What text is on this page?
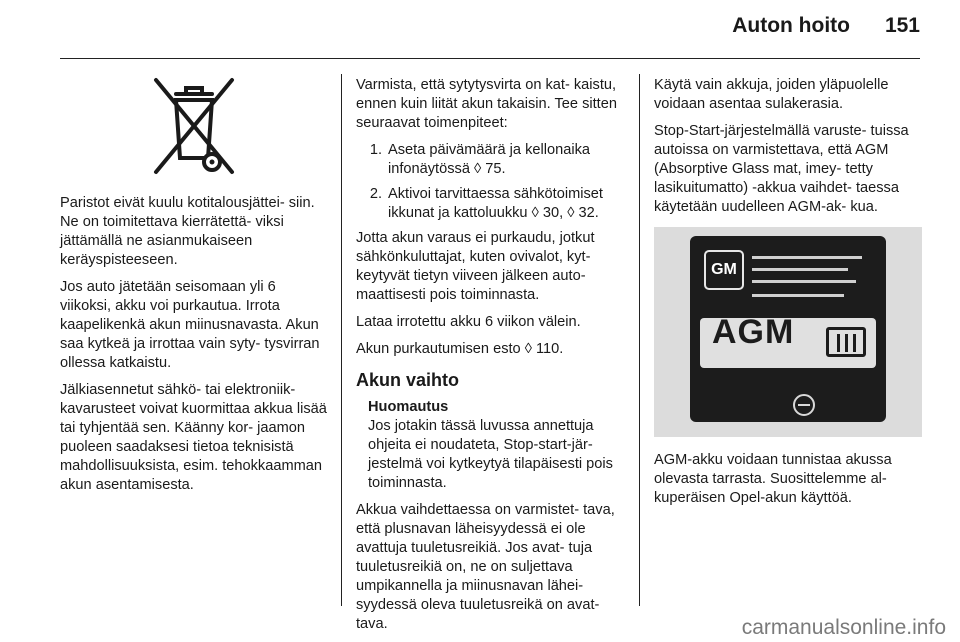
Auton hoito 151

Paristot eivät kuulu kotitalousjättei- siin. Ne on toimitettava kierrätettä- viksi jättämällä ne asianmukaiseen keräyspisteeseen.

Jos auto jätetään seisomaan yli 6 viikoksi, akku voi purkautua. Irrota kaapelikenkä akun miinusnavasta. Akun saa kytkeä ja irrottaa vain syty- tysvirran ollessa katkaistu.

Jälkiasennetut sähkö- tai elektroniik- kavarusteet voivat kuormittaa akkua lisää tai tyhjentää sen. Käänny kor- jaamon puoleen saadaksesi tietoa teknisistä mahdollisuuksista, esim. tehokkaamman akun asentamisesta.

Varmista, että sytytysvirta on kat- kaistu, ennen kuin liität akun takaisin. Tee sitten seuraavat toimenpiteet:

1. Aseta päivämäärä ja kellonaika infonäytössä ◊ 75.
2. Aktivoi tarvittaessa sähkötoimiset ikkunat ja kattoluukku ◊ 30, ◊ 32.

Jotta akun varaus ei purkaudu, jotkut sähkönkuluttajat, kuten ovivalot, kyt- keytyvät tietyn viiveen jälkeen auto- maattisesti pois toiminnasta.

Lataa irrotettu akku 6 viikon välein.

Akun purkautumisen esto ◊ 110.

Akun vaihto
Huomautus
Jos jotakin tässä luvussa annettuja ohjeita ei noudateta, Stop-start-jär- jestelmä voi kytkeytyä tilapäisesti pois toiminnasta.

Akkua vaihdettaessa on varmistet- tava, että plusnavan läheisyydessä ei ole avattuja tuuletusreikiä. Jos avat- tuja tuuletusreikiä on, ne on suljettava umpikannella ja miinusnavan lähei- syydessä oleva tuuletusreikä on avat- tava.

Käytä vain akkuja, joiden yläpuolelle voidaan asentaa sulakerasia.

Stop-Start-järjestelmällä varuste- tuissa autoissa on varmistettava, että AGM (Absorptive Glass mat, imey- tetty lasikuitumatto) -akkua vaihdet- taessa käytetään uudelleen AGM-ak- kua.

GM
AGM

AGM-akku voidaan tunnistaa akussa olevasta tarrasta. Suosittelemme al- kuperäisen Opel-akun käyttöä.

carmanualsonline.info
